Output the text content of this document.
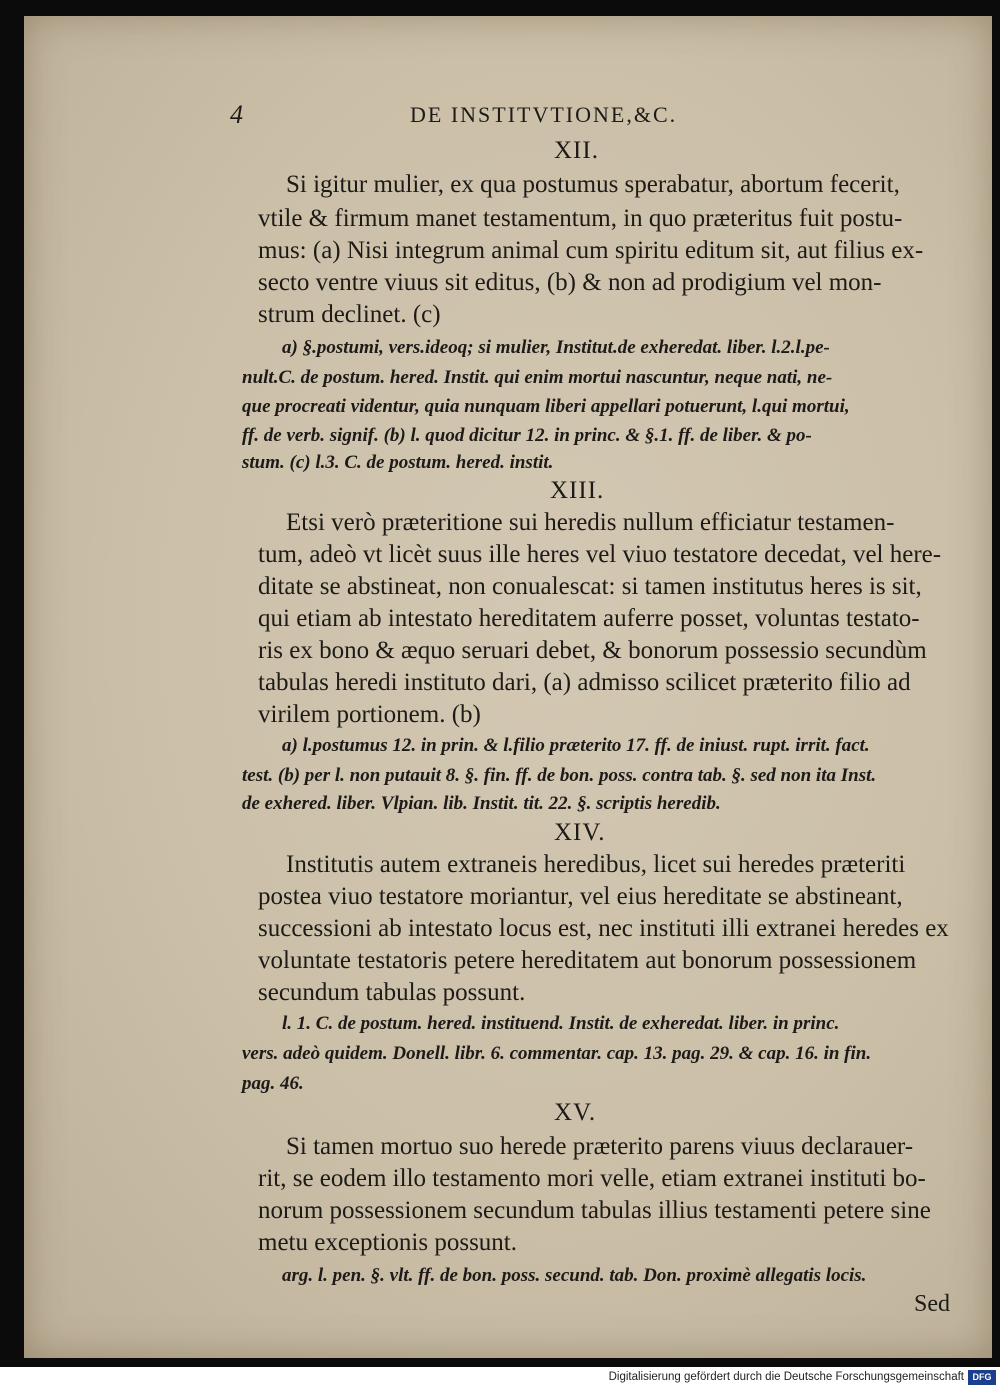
4	DE INSTITVTIONE,&C.
XII.
Si igitur mulier, ex qua postumus sperabatur, abortum fecerit,
vtile & firmum manet testamentum, in quo præteritus fuit postu-
mus: (a) Nisi integrum animal cum spiritu editum sit, aut filius ex-
secto ventre viuus sit editus, (b) & non ad prodigium vel mon-
strum declinet. (c)
a) §.postumi, vers.ideoq; si mulier, Institut.de exheredat. liber. l.2.l.pe-
nult.C. de postum. hered. Instit. qui enim mortui nascuntur, neque nati, ne-
que procreati videntur, quia nunquam liberi appellari potuerunt, l.qui mortui,
ff. de verb. signif. (b) l. quod dicitur 12. in princ. & §.1. ff. de liber. & po-
stum. (c) l.3. C. de postum. hered. instit.
XIII.
Etsi verò præteritione sui heredis nullum efficiatur testamen-
tum, adeò vt licèt suus ille heres vel viuo testatore decedat, vel here-
ditate se abstineat, non conualescat: si tamen institutus heres is sit,
qui etiam ab intestato hereditatem auferre posset, voluntas testato-
ris ex bono & æquo seruari debet, & bonorum possessio secundùm
tabulas heredi instituto dari, (a) admisso scilicet præterito filio ad
virilem portionem. (b)
a) l.postumus 12. in prin. & l.filio præterito 17. ff. de iniust. rupt. irrit. fact.
test. (b) per l. non putauit 8. §. fin. ff. de bon. poss. contra tab. §. sed non ita Inst.
de exhered. liber. Vlpian. lib. Instit. tit. 22. §. scriptis heredib.
XIV.
Institutis autem extraneis heredibus, licet sui heredes præteriti
postea viuo testatore moriantur, vel eius hereditate se abstineant,
successioni ab intestato locus est, nec instituti illi extranei heredes ex
voluntate testatoris petere hereditatem aut bonorum possessionem
secundum tabulas possunt.
l. 1. C. de postum. hered. instituend. Instit. de exheredat. liber. in princ.
vers. adeò quidem. Donell. libr. 6. commentar. cap. 13. pag. 29. & cap. 16. in fin.
pag. 46.
XV.
Si tamen mortuo suo herede præterito parens viuus declarauer-
rit, se eodem illo testamento mori velle, etiam extranei instituti bo-
norum possessionem secundum tabulas illius testamenti petere sine
metu exceptionis possunt.
arg. l. pen. §. vlt. ff. de bon. poss. secund. tab. Don. proximè allegatis locis.
Sed
Digitalisierung gefördert durch die Deutsche Forschungsgemeinschaft DFG
